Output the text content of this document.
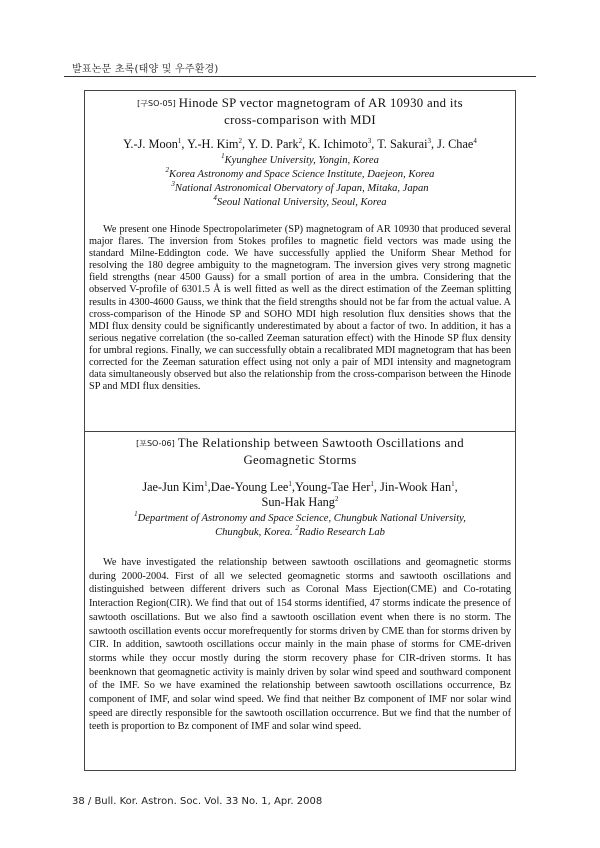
발표논문 초록(태양 및 우주환경)
[구SO-05] Hinode SP vector magnetogram of AR 10930 and its
cross-comparison with MDI
Y.-J. Moon$^1$, Y.-H. Kim$^2$, Y. D. Park$^2$, K. Ichimoto$^3$, T. Sakurai$^3$, J. Chae$^4$
$^1$Kyunghee University, Yongin, Korea
$^2$Korea Astronomy and Space Science Institute, Daejeon, Korea
$^3$National Astronomical Obervatory of Japan, Mitaka, Japan
$^4$Seoul National University, Seoul, Korea
We present one Hinode Spectropolarimeter (SP) magnetogram of AR 10930 that produced several major flares. The inversion from Stokes profiles to magnetic field vectors was made using the standard Milne-Eddington code. We have successfully applied the Uniform Shear Method for resolving the 180 degree ambiguity to the magnetogram. The inversion gives very strong magnetic field strengths (near 4500 Gauss) for a small portion of area in the umbra. Considering that the observed V-profile of 6301.5 Å is well fitted as well as the direct estimation of the Zeeman splitting results in 4300-4600 Gauss, we think that the field strengths should not be far from the actual value. A cross-comparison of the Hinode SP and SOHO MDI high resolution flux densities shows that the MDI flux density could be significantly underestimated by about a factor of two. In addition, it has a serious negative correlation (the so-called Zeeman saturation effect) with the Hinode SP flux density for umbral regions. Finally, we can successfully obtain a recalibrated MDI magnetogram that has been corrected for the Zeeman saturation effect using not only a pair of MDI intensity and magnetogram data simultaneously observed but also the relationship from the cross-comparison between the Hinode SP and MDI flux densities.
[포SO-06] The Relationship between Sawtooth Oscillations and
Geomagnetic Storms
Jae-Jun Kim$^1$,Dae-Young Lee$^1$,Young-Tae Her$^1$, Jin-Wook Han$^1$,
Sun-Hak Hang$^2$
$^1$Department of Astronomy and Space Science, Chungbuk National University,
Chungbuk, Korea. $^2$Radio Research Lab
We have investigated the relationship between sawtooth oscillations and geomagnetic storms during 2000-2004. First of all we selected geomagnetic storms and sawtooth oscillations and distinguished between different drivers such as Coronal Mass Ejection(CME) and Co-rotating Interaction Region(CIR). We find that out of 154 storms identified, 47 storms indicate the presence of sawtooth oscillations. But we also find a sawtooth oscillation event when there is no storm. The sawtooth oscillation events occur morefrequently for storms driven by CME than for storms driven by CIR. In addition, sawtooth oscillations occur mainly in the main phase of storms for CME-driven storms while they occur mostly during the storm recovery phase for CIR-driven storms. It has beenknown that geomagnetic activity is mainly driven by solar wind speed and southward component of the IMF. So we have examined the relationship between sawtooth oscillations occurrence, Bz component of IMF, and solar wind speed. We find that neither Bz component of IMF nor solar wind speed are directly responsible for the sawtooth oscillation occurrence. But we find that the number of teeth is proportion to Bz component of IMF and solar wind speed.
38 / Bull. Kor. Astron. Soc. Vol. 33 No. 1, Apr. 2008
